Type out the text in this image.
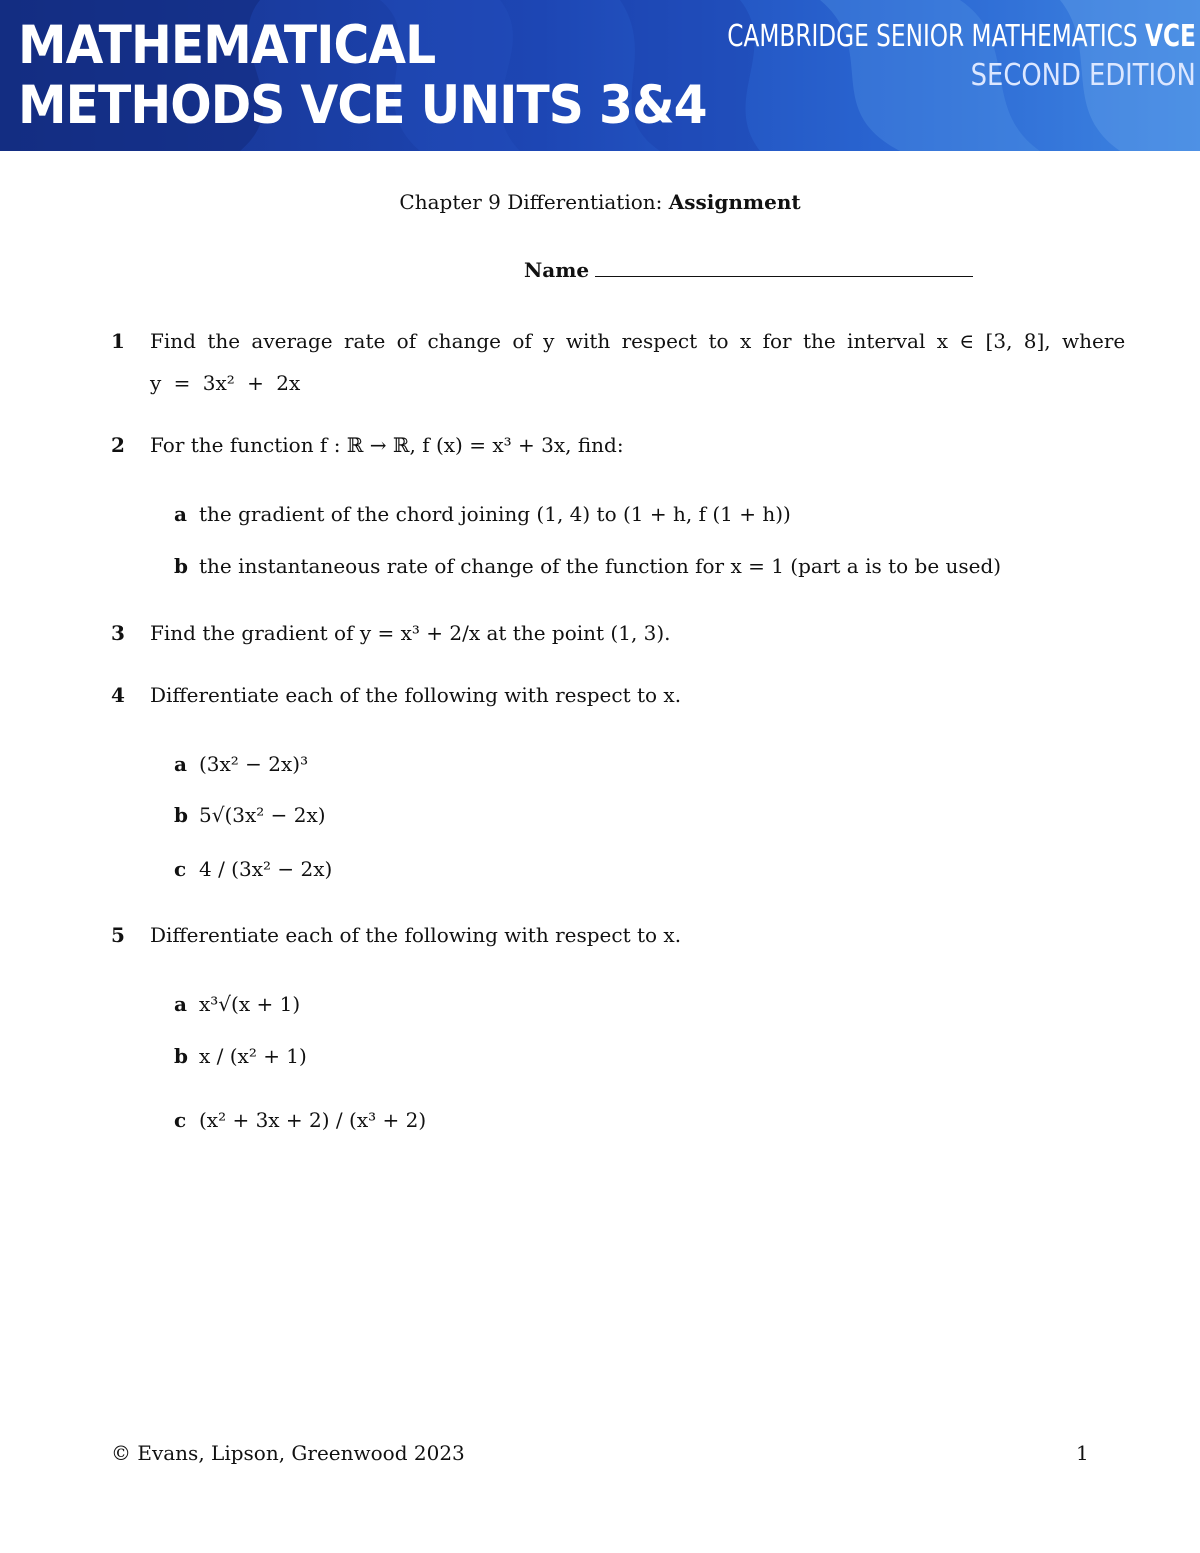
MATHEMATICAL
METHODS VCE UNITS 3&4
CAMBRIDGE SENIOR MATHEMATICS VCE
SECOND EDITION
Chapter 9 Differentiation: Assignment
Name
1 Find the average rate of change of y with respect to x for the interval x ∈ [3, 8], where
y = 3x² + 2x
2 For the function f : ℝ → ℝ, f (x) = x³ + 3x, find:
a the gradient of the chord joining (1, 4) to (1 + h, f (1 + h))
b the instantaneous rate of change of the function for x = 1 (part a is to be used)
3 Find the gradient of y = x³ + 2/x at the point (1, 3).
4 Differentiate each of the following with respect to x.
a (3x² − 2x)³
b 5√(3x² − 2x)
c 4 / (3x² − 2x)
5 Differentiate each of the following with respect to x.
a x³√(x + 1)
b x / (x² + 1)
c (x² + 3x + 2) / (x³ + 2)
© Evans, Lipson, Greenwood 2023	1
